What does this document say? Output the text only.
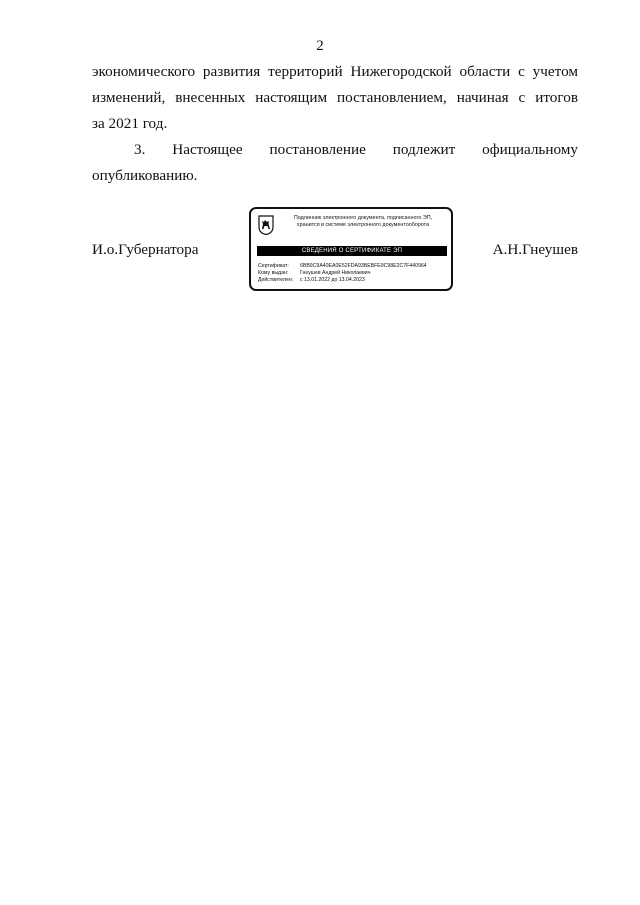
2
экономического развития территорий Нижегородской области с учетом
изменений, внесенных настоящим постановлением, начиная с итогов
за 2021 год.
3. Настоящее постановление подлежит официальному
опубликованию.
И.о.Губернатора	А.Н.Гнеушев
Подлинник электронного документа, подписанного ЭП,
хранится в системе электронного документооборота
СВЕДЕНИЯ О СЕРТИФИКАТЕ ЭП
Сертификат: 6BB9C9A40EA0E52FDA93BEBFE9C98E2C7F440964
Кому выдан: Гнеушев Андрей Николаевич
Действителен: с 13.01.2022 до 13.04.2023
